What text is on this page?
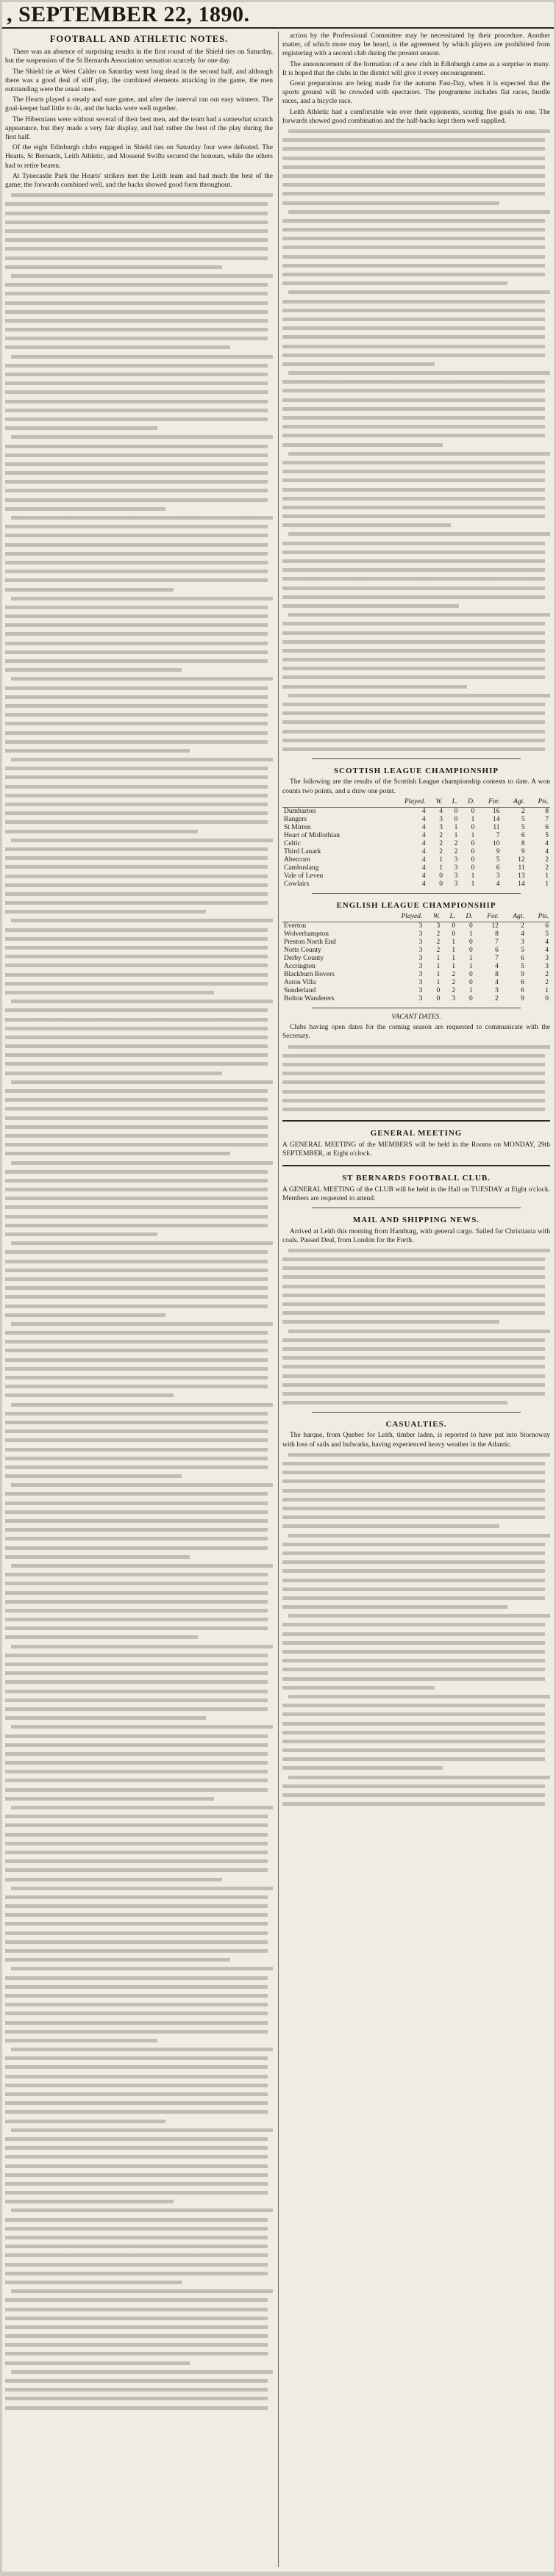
, SEPTEMBER 22, 1890.
FOOTBALL AND ATHLETIC NOTES.

There was an absence of surprising results in the first round of the Shield ties on Saturday, but the suspension of the St Bernards Association sensation scarcely for one day.

The Shield tie at West Calder on Saturday went long dead in the second half, and although there was a good deal of stiff play, the combined elements attacking in the game, the men outstanding were the usual ones.

The Hearts played a steady and sure game, and after the interval ran out easy winners. The goal-keeper had little to do, and the backs were well together.

The Hibernians were without several of their best men, and the team had a somewhat scratch appearance, but they made a very fair display, and had rather the best of the play during the first half.

Of the eight Edinburgh clubs engaged in Shield ties on Saturday four were defeated. The Hearts, St Bernards, Leith Athletic, and Mossend Swifts secured the honours, while the others had to retire beaten.

At Tynecastle Park the Hearts' strikers met the Leith team and had much the best of the game; the forwards combined well, and the backs showed good form throughout.

action by the Professional Committee may be necessitated by their procedure. Another matter, of which more may be heard, is the agreement by which players are prohibited from registering with a second club during the present season.

The announcement of the formation of a new club in Edinburgh came as a surprise to many. It is hoped that the clubs in the district will give it every encouragement.

Great preparations are being made for the autumn Fast-Day, when it is expected that the sports ground will be crowded with spectators. The programme includes flat races, hurdle races, and a bicycle race.

Leith Athletic had a comfortable win over their opponents, scoring five goals to one. The forwards showed good combination and the half-backs kept them well supplied.

SCOTTISH LEAGUE CHAMPIONSHIP

The following are the results of the Scottish League championship contests to date. A won counts two points, and a draw one point.

	Played.	W.	L.	D.	For.	Agt.	Pts.
Dumbarton	4	4	0	0	16	2	8
Rangers	4	3	0	1	14	5	7
St Mirren	4	3	1	0	11	5	6
Heart of Midlothian	4	2	1	1	7	6	5
Celtic	4	2	2	0	10	8	4
Third Lanark	4	2	2	0	9	9	4
Abercorn	4	1	3	0	5	12	2
Cambuslang	4	1	3	0	6	11	2
Vale of Leven	4	0	3	1	3	13	1
Cowlairs	4	0	3	1	4	14	1
ENGLISH LEAGUE CHAMPIONSHIP
	Played.	W.	L.	D.	For.	Agt.	Pts.
Everton	3	3	0	0	12	2	6
Wolverhampton	3	2	0	1	8	4	5
Preston North End	3	2	1	0	7	3	4
Notts County	3	2	1	0	6	5	4
Derby County	3	1	1	1	7	6	3
Accrington	3	1	1	1	4	5	3
Blackburn Rovers	3	1	2	0	8	9	2
Aston Villa	3	1	2	0	4	6	2
Sunderland	3	0	2	1	3	6	1
Bolton Wanderers	3	0	3	0	2	9	0
VACANT DATES.

Clubs having open dates for the coming season are requested to communicate with the Secretary.

GENERAL MEETING

A GENERAL MEETING of the MEMBERS will be held in the Rooms on MONDAY, 29th SEPTEMBER, at Eight o'clock.

ST BERNARDS FOOTBALL CLUB.

A GENERAL MEETING of the CLUB will be held in the Hall on TUESDAY at Eight o'clock. Members are requested to attend.

MAIL AND SHIPPING NEWS.

Arrived at Leith this morning from Hamburg, with general cargo. Sailed for Christiania with coals. Passed Deal, from London for the Forth.

CASUALTIES.

The barque, from Quebec for Leith, timber laden, is reported to have put into Stornoway with loss of sails and bulwarks, having experienced heavy weather in the Atlantic.
